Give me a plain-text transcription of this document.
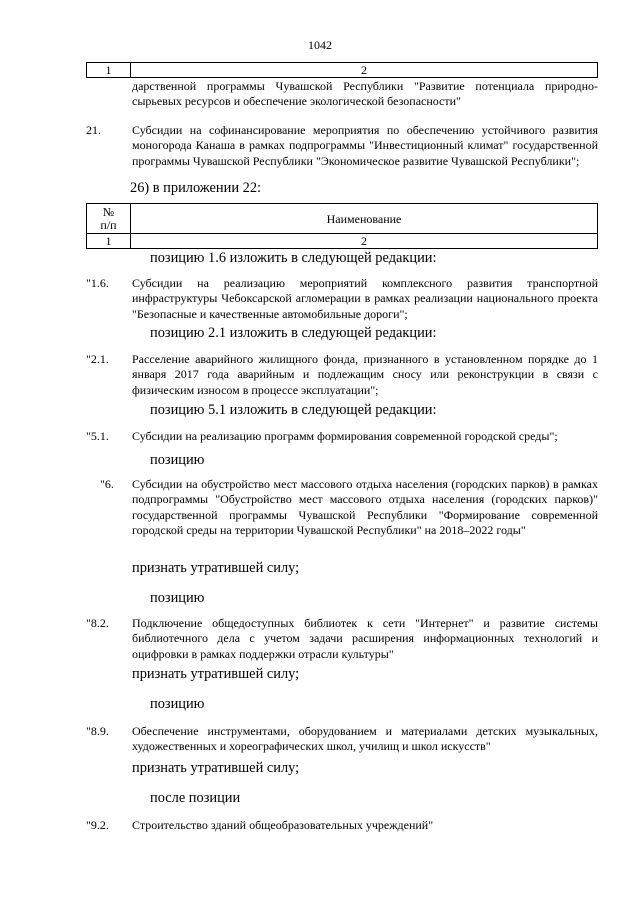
1042
1	2
дарственной программы Чувашской Республики "Развитие потенциала природно-сырьевых ресурсов и обеспечение экологической безопасности"
21.	Субсидии на софинансирование мероприятия по обеспечению устойчивого развития моногорода Канаша в рамках подпрограммы "Инвестиционный климат" государственной программы Чувашской Республики "Экономическое развитие Чувашской Республики";
26) в приложении 22:
№
п/п	Наименование
1	2
позицию 1.6 изложить в следующей редакции:
"1.6. Субсидии на реализацию мероприятий комплексного развития транспортной инфраструктуры Чебоксарской агломерации в рамках реализации национального проекта "Безопасные и качественные автомобильные дороги";
позицию 2.1 изложить в следующей редакции:
"2.1. Расселение аварийного жилищного фонда, признанного в установленном порядке до 1 января 2017 года аварийным и подлежащим сносу или реконструкции в связи с физическим износом в процессе эксплуатации";
позицию 5.1 изложить в следующей редакции:
"5.1. Субсидии на реализацию программ формирования современной городской среды";
позицию
"6. Субсидии на обустройство мест массового отдыха населения (городских парков) в рамках подпрограммы "Обустройство мест массового отдыха населения (городских парков)" государственной программы Чувашской Республики "Формирование современной городской среды на территории Чувашской Республики" на 2018–2022 годы"
признать утратившей силу;
позицию
"8.2. Подключение общедоступных библиотек к сети "Интернет" и развитие системы библиотечного дела с учетом задачи расширения информационных технологий и оцифровки в рамках поддержки отрасли культуры"
признать утратившей силу;
позицию
"8.9. Обеспечение инструментами, оборудованием и материалами детских музыкальных, художественных и хореографических школ, училищ и школ искусств"
признать утратившей силу;
после позиции
"9.2. Строительство зданий общеобразовательных учреждений"
